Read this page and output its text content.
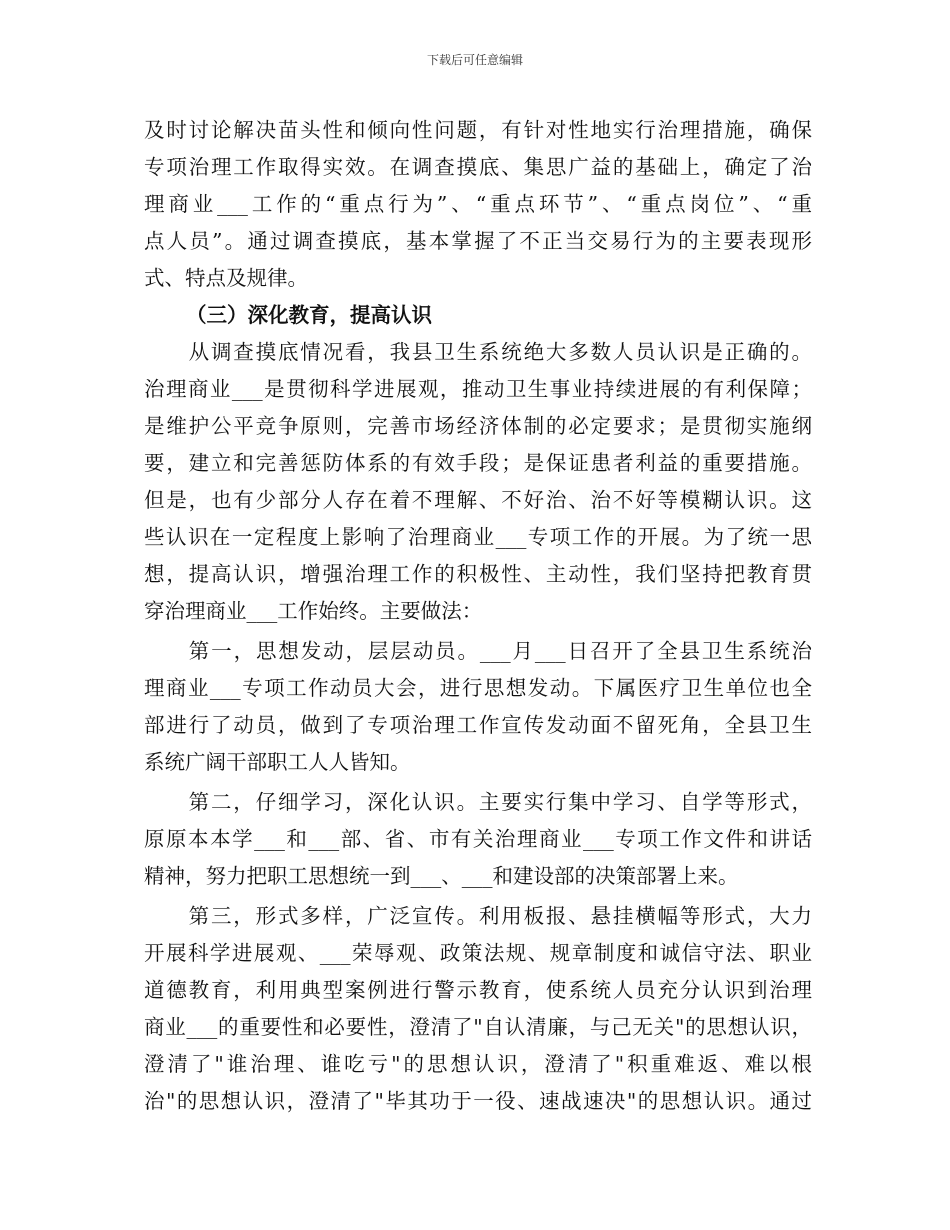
下载后可任意编辑
及时讨论解决苗头性和倾向性问题，有针对性地实行治理措施，确保
专项治理工作取得实效。在调查摸底、集思广益的基础上，确定了治
理商业___工作的“重点行为”、“重点环节”、“重点岗位”、“重
点人员”。通过调查摸底，基本掌握了不正当交易行为的主要表现形
式、特点及规律。
（三）深化教育，提高认识
　　从调查摸底情况看，我县卫生系统绝大多数人员认识是正确的。
治理商业___是贯彻科学进展观，推动卫生事业持续进展的有利保障；
是维护公平竞争原则，完善市场经济体制的必定要求；是贯彻实施纲
要，建立和完善惩防体系的有效手段；是保证患者利益的重要措施。
但是，也有少部分人存在着不理解、不好治、治不好等模糊认识。这
些认识在一定程度上影响了治理商业___专项工作的开展。为了统一思
想，提高认识，增强治理工作的积极性、主动性，我们坚持把教育贯
穿治理商业___工作始终。主要做法：
　　第一，思想发动，层层动员。___月___日召开了全县卫生系统治
理商业___专项工作动员大会，进行思想发动。下属医疗卫生单位也全
部进行了动员，做到了专项治理工作宣传发动面不留死角，全县卫生
系统广阔干部职工人人皆知。
　　第二，仔细学习，深化认识。主要实行集中学习、自学等形式，
原原本本学___和___部、省、市有关治理商业___专项工作文件和讲话
精神，努力把职工思想统一到___、___和建设部的决策部署上来。
　　第三，形式多样，广泛宣传。利用板报、悬挂横幅等形式，大力
开展科学进展观、___荣辱观、政策法规、规章制度和诚信守法、职业
道德教育，利用典型案例进行警示教育，使系统人员充分认识到治理
商业___的重要性和必要性，澄清了"自认清廉，与己无关"的思想认识，
澄清了"谁治理、谁吃亏"的思想认识，澄清了"积重难返、难以根
治"的思想认识，澄清了"毕其功于一役、速战速决"的思想认识。通过
